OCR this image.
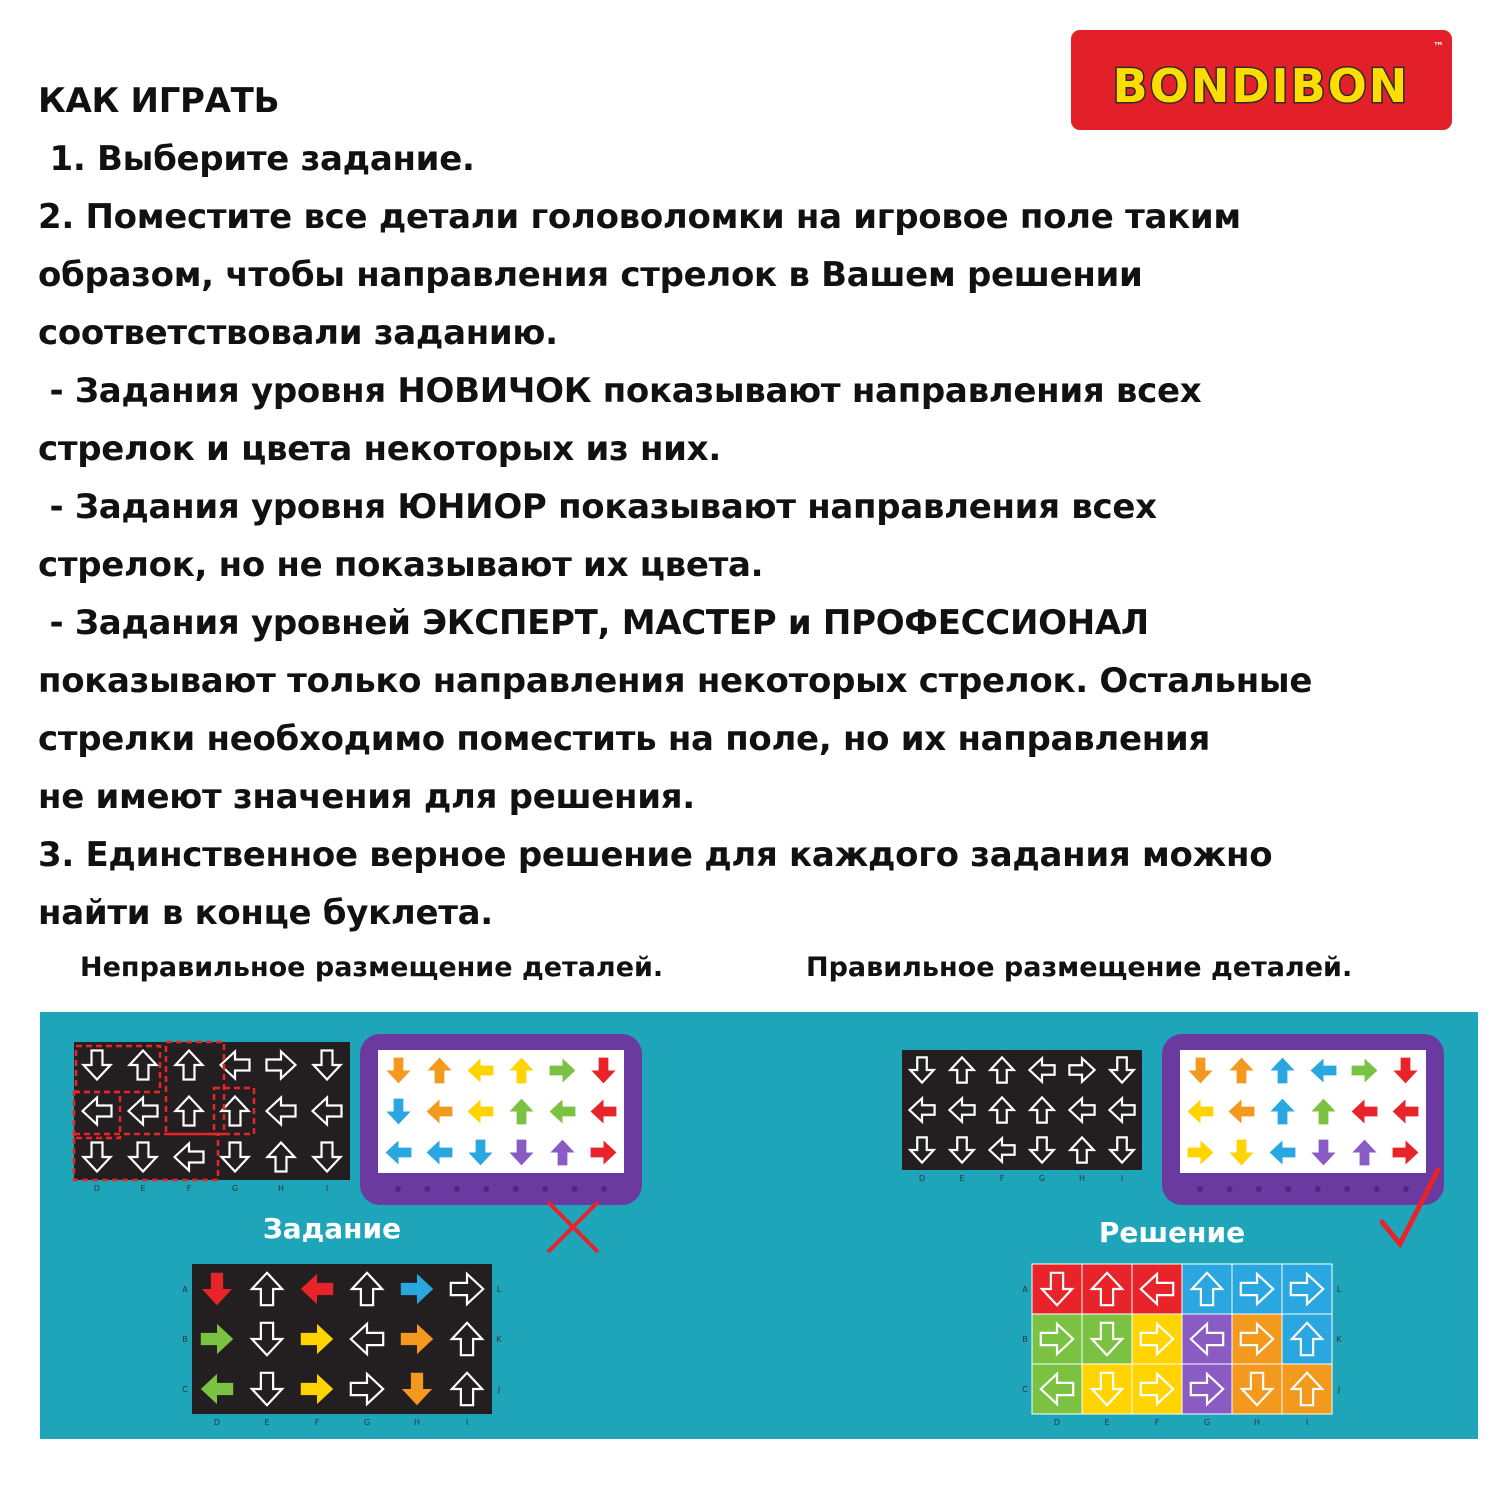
BONDIBON
™
КАК ИГРАТЬ
1. Выберите задание.
2. Поместите все детали головоломки на игровое поле таким
образом, чтобы направления стрелок в Вашем решении
соответствовали заданию.
- Задания уровня НОВИЧОК показывают направления всех
стрелок и цвета некоторых из них.
- Задания уровня ЮНИОР показывают направления всех
стрелок, но не показывают их цвета.
- Задания уровней ЭКСПЕРТ, МАСТЕР и ПРОФЕССИОНАЛ
показывают только направления некоторых стрелок. Остальные
стрелки необходимо поместить на поле, но их направления
не имеют значения для решения.
3. Единственное верное решение для каждого задания можно
найти в конце буклета.
Неправильное размещение деталей.	Правильное размещение деталей.
D	E	F	G	H	I
Задание
A
B
C
L
K
J
D	E	F	G	H	I
D	E	F	G	H	I
Решение
A
B
C
L
K
J
D	E	F	G	H	I
